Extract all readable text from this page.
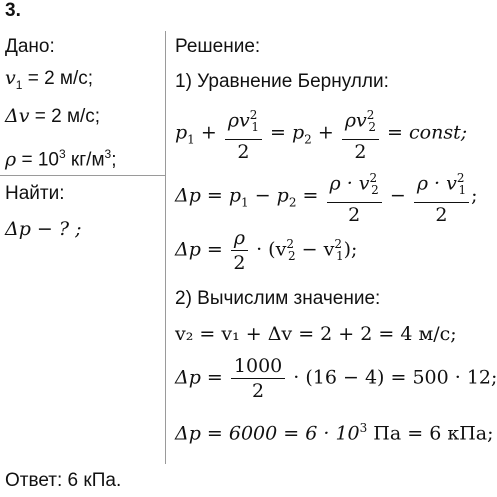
3.
Дано:
$v_1 = 2$ м/с;
Δv = 2 м/с;
$\rho = 10^3$ $кг/м^3$;
Найти:
Δp − ? ;
Решение:
1) Уравнение Бернулли:
$p_1 + \frac{\rho v^2_1}{2} = p_2 + \frac{\rho v^2_2}{2}$ = const;
$\Delta p = p_1 - p_2 = \frac{\rho \cdot v^2_2}{2} - \frac{\rho \cdot v^2_1}{2}$ ;
$\Delta p = \frac{\rho}{2} \cdot (v^2_2 - v^2_1)$;
2) Вычислим значение:
v₂ = v₁ + Δv = 2 + 2 = 4 м/с;
$\Delta p = \frac{1000}{2} \cdot (16 - 4) = 500 \cdot 12$;
$\Delta p = 6000 = 6 \cdot 10^3$ Па = 6 кПа;
Ответ: 6 кПа.
